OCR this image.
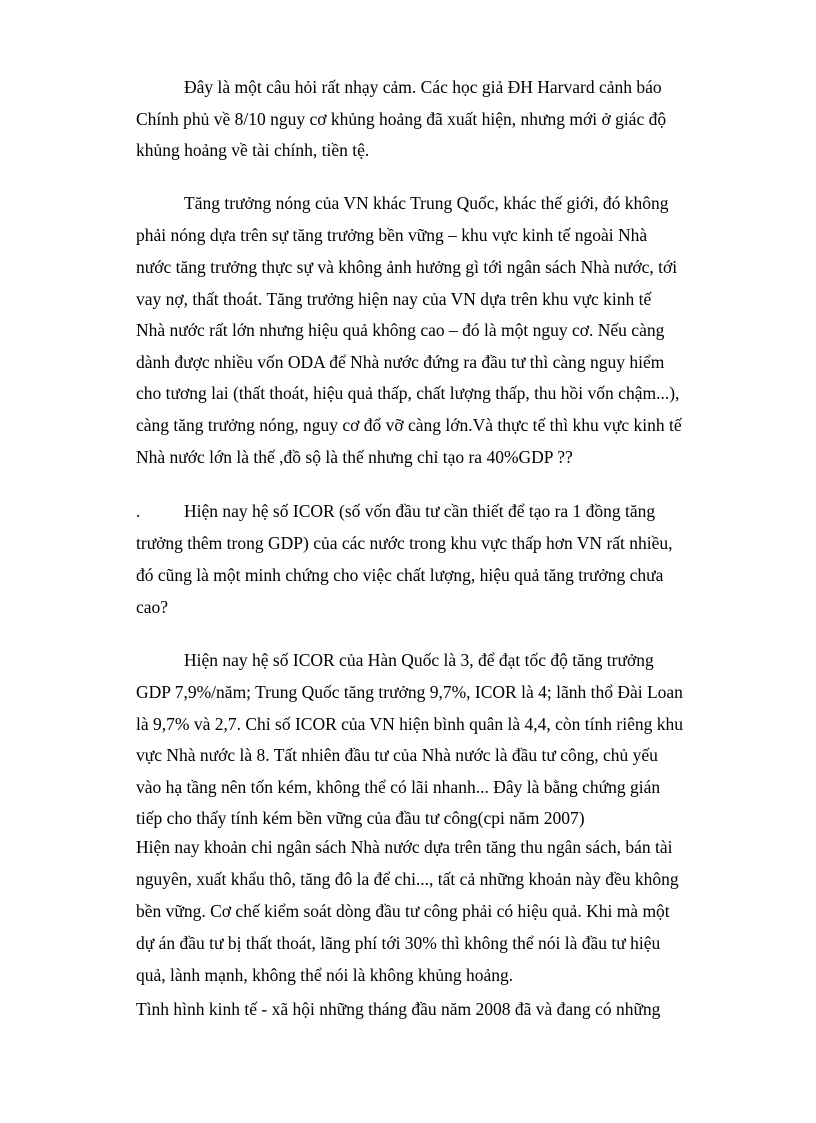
Đây là một câu hỏi rất nhạy cảm. Các học giả ĐH Harvard cảnh báo
Chính phủ về 8/10 nguy cơ khủng hoảng đã xuất hiện, nhưng mới ở giác độ
khủng hoảng về tài chính, tiền tệ.
Tăng trưởng nóng của VN khác Trung Quốc, khác thế giới, đó không
phải nóng dựa trên sự tăng trưởng bền vững – khu vực kinh tế ngoài Nhà
nước tăng trưởng thực sự và không ảnh hưởng gì tới ngân sách Nhà nước, tới
vay nợ, thất thoát. Tăng trưởng hiện nay của VN dựa trên khu vực kinh tế
Nhà nước rất lớn nhưng hiệu quả không cao – đó là một nguy cơ. Nếu càng
dành được nhiều vốn ODA để Nhà nước đứng ra đầu tư thì càng nguy hiểm
cho tương lai (thất thoát, hiệu quả thấp, chất lượng thấp, thu hồi vốn chậm...),
càng tăng trưởng nóng, nguy cơ đổ vỡ càng lớn.Và thực tế thì khu vực kinh tế
Nhà nước lớn là thế ,đồ sộ là thế nhưng chỉ tạo ra 40%GDP ??
. Hiện nay hệ số ICOR (số vốn đầu tư cần thiết để tạo ra 1 đồng tăng
trưởng thêm trong GDP) của các nước trong khu vực thấp hơn VN rất nhiều,
đó cũng là một minh chứng cho việc chất lượng, hiệu quả tăng trưởng chưa
cao?
Hiện nay hệ số ICOR của Hàn Quốc là 3, để đạt tốc độ tăng trưởng
GDP 7,9%/năm; Trung Quốc tăng trưởng 9,7%, ICOR là 4; lãnh thổ Đài Loan
là 9,7% và 2,7. Chỉ số ICOR của VN hiện bình quân là 4,4, còn tính riêng khu
vực Nhà nước là 8. Tất nhiên đầu tư của Nhà nước là đầu tư công, chủ yếu
vào hạ tầng nên tốn kém, không thể có lãi nhanh... Đây là bằng chứng gián
tiếp cho thấy tính kém bền vững của đầu tư công(cpi năm 2007)
Hiện nay khoản chi ngân sách Nhà nước dựa trên tăng thu ngân sách, bán tài
nguyên, xuất khẩu thô, tăng đô la để chi..., tất cả những khoản này đều không
bền vững. Cơ chế kiểm soát dòng đầu tư công phải có hiệu quả. Khi mà một
dự án đầu tư bị thất thoát, lãng phí tới 30% thì không thể nói là đầu tư hiệu
quả, lành mạnh, không thể nói là không khủng hoảng.
Tình hình kinh tế - xã hội những tháng đầu năm 2008 đã và đang có những
